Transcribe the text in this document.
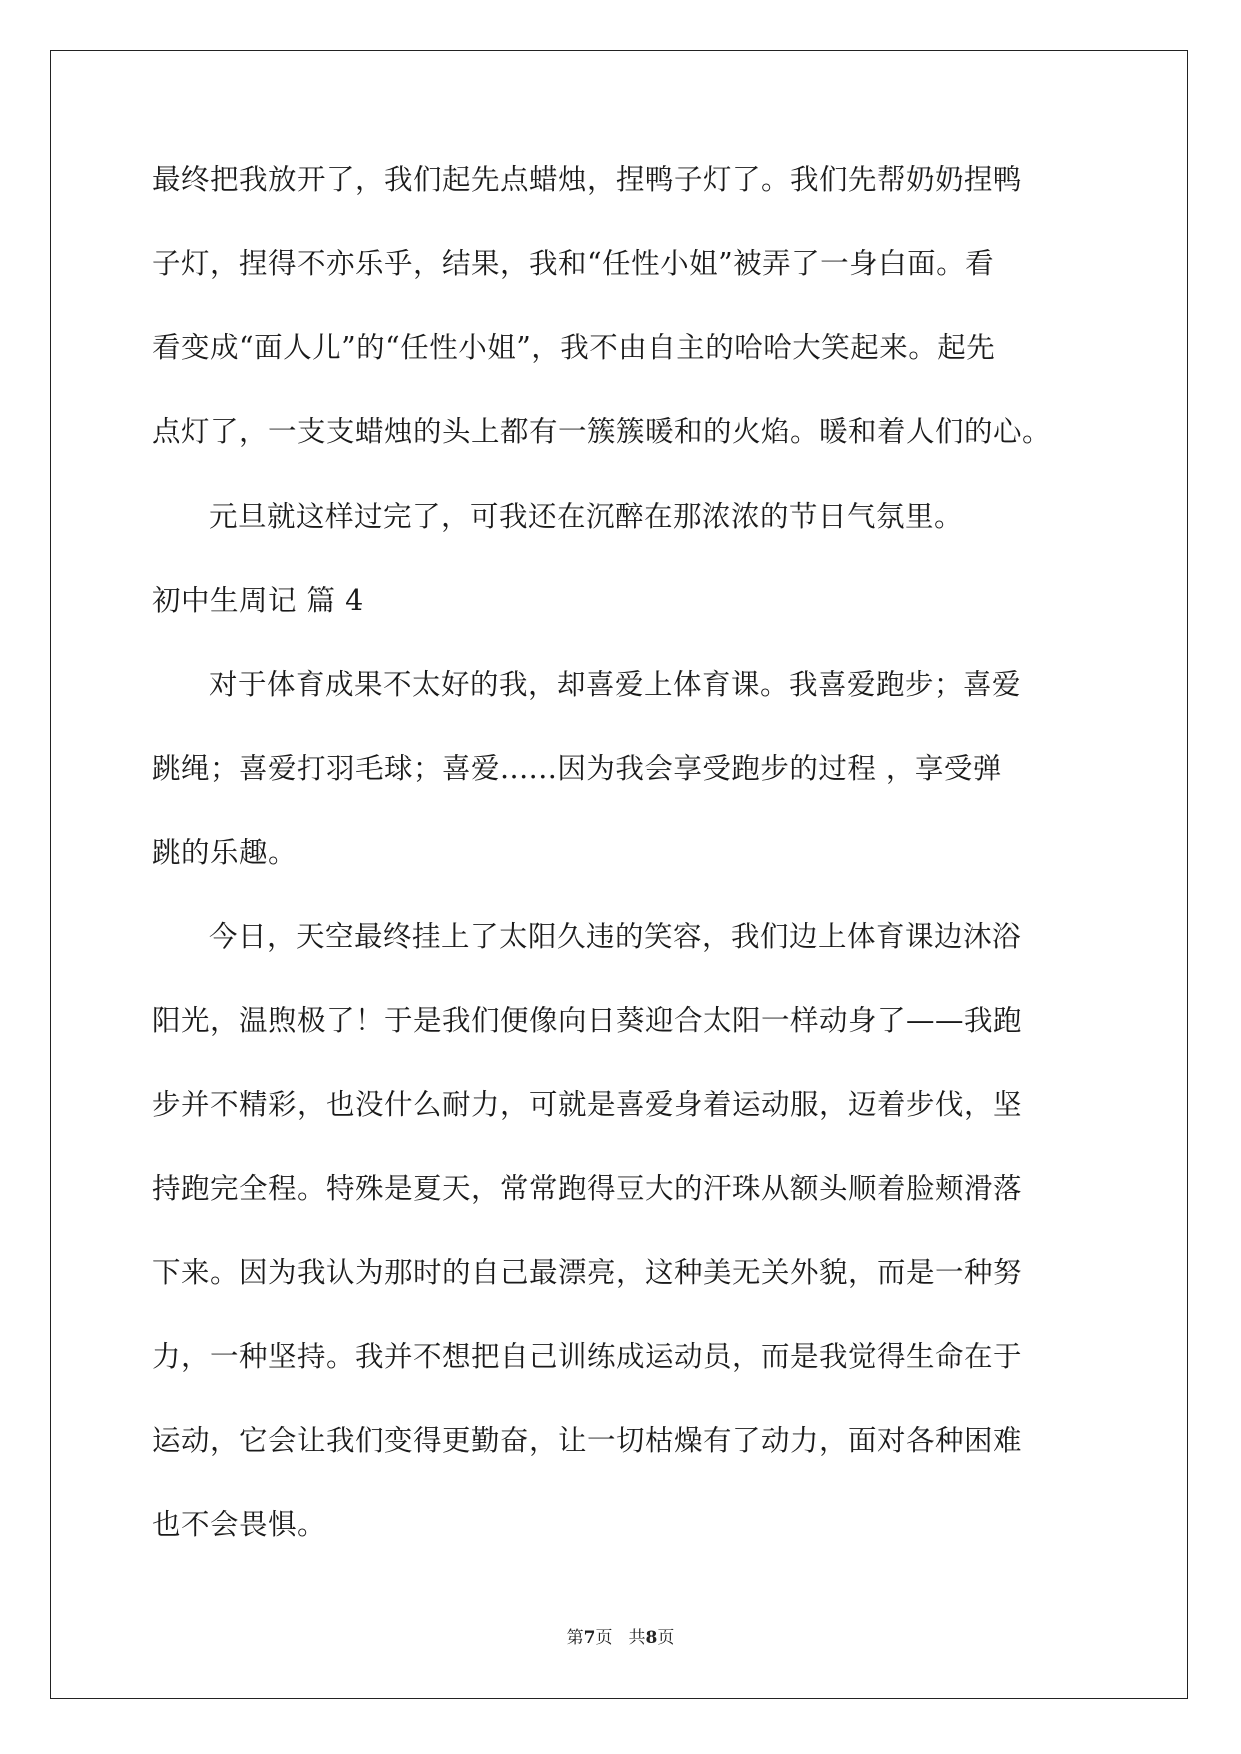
最终把我放开了，我们起先点蜡烛，捏鸭子灯了。我们先帮奶奶捏鸭
子灯，捏得不亦乐乎，结果，我和“任性小姐”被弄了一身白面。看
看变成“面人儿”的“任性小姐”，我不由自主的哈哈大笑起来。起先
点灯了，一支支蜡烛的头上都有一簇簇暖和的火焰。暖和着人们的心。
元旦就这样过完了，可我还在沉醉在那浓浓的节日气氛里。
初中生周记 篇 4
对于体育成果不太好的我，却喜爱上体育课。我喜爱跑步；喜爱
跳绳；喜爱打羽毛球；喜爱......因为我会享受跑步的过程 ，享受弹
跳的乐趣。
今日，天空最终挂上了太阳久违的笑容，我们边上体育课边沐浴
阳光，温煦极了！于是我们便像向日葵迎合太阳一样动身了——我跑
步并不精彩，也没什么耐力，可就是喜爱身着运动服，迈着步伐，坚
持跑完全程。特殊是夏天，常常跑得豆大的汗珠从额头顺着脸颊滑落
下来。因为我认为那时的自己最漂亮，这种美无关外貌，而是一种努
力，一种坚持。我并不想把自己训练成运动员，而是我觉得生命在于
运动，它会让我们变得更勤奋，让一切枯燥有了动力，面对各种困难
也不会畏惧。
第7页 共8页
